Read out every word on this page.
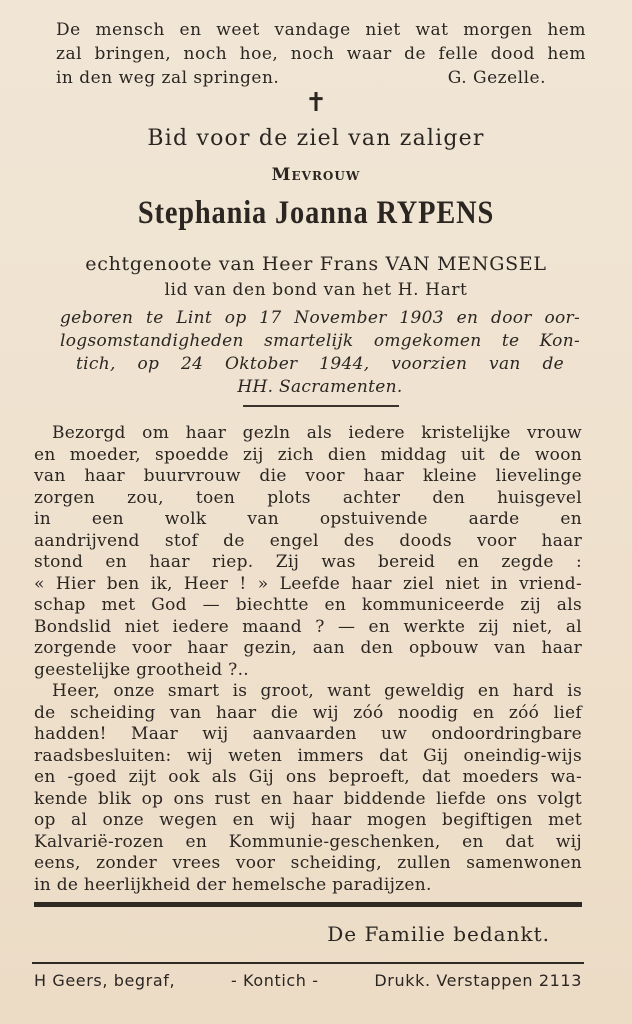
De mensch en weet vandage niet wat morgen hem
zal bringen, noch hoe, noch waar de felle dood hem
in den weg zal springen.	G. Gezelle.
✝
Bid voor de ziel van zaliger
Mevrouw
Stephania Joanna RYPENS
echtgenoote van Heer Frans VAN MENGSEL
lid van den bond van het H. Hart
geboren te Lint op 17 November 1903 en door oor-
logsomstandigheden smartelijk omgekomen te Kon-
tich, op 24 Oktober 1944, voorzien van de
HH. Sacramenten.
Bezorgd om haar gezln als iedere kristelijke vrouw
en moeder, spoedde zij zich dien middag uit de woon
van haar buurvrouw die voor haar kleine lievelinge
zorgen zou, toen plots achter den huisgevel
in een wolk van opstuivende aarde en
aandrijvend stof de engel des doods voor haar
stond en haar riep. Zij was bereid en zegde :
« Hier ben ik, Heer ! » Leefde haar ziel niet in vriend-
schap met God — biechtte en kommuniceerde zij als
Bondslid niet iedere maand ? — en werkte zij niet, al
zorgende voor haar gezin, aan den opbouw van haar
geestelijke grootheid ?..
Heer, onze smart is groot, want geweldig en hard is
de scheiding van haar die wij zóó noodig en zóó lief
hadden! Maar wij aanvaarden uw ondoordringbare
raadsbesluiten: wij weten immers dat Gij oneindig-wijs
en -goed zijt ook als Gij ons beproeft, dat moeders wa-
kende blik op ons rust en haar biddende liefde ons volgt
op al onze wegen en wij haar mogen begiftigen met
Kalvarië-rozen en Kommunie-geschenken, en dat wij
eens, zonder vrees voor scheiding, zullen samenwonen
in de heerlijkheid der hemelsche paradijzen.
De Familie bedankt.
H Geers, begraf,	- Kontich -	Drukk. Verstappen 2113
